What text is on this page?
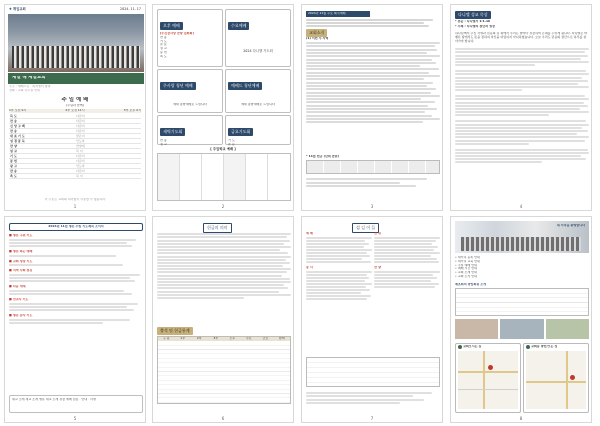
✚ 제일교회	2024. 11. 17
제일 해 제일교회
주소 : 예배드림 · 복지센터 방면
전화 : 교회 사무실 안내
주 일 예 배
(주님과 함께)
1부 오전 9시	2부 오전 11시	3부 오후 2시
묵 도	다같이
찬 송	다같이
신 앙 고 백	다같이
찬 송	다같이
대 표 기 도	맡은이
성 경 봉 독	인도자
찬 양	찬양대
설 교	목 사
기 도	다같이
봉 헌	다같이
광 고	인도자
찬 송	다같이
축 도	목 사
이 주보는 교회의 허락없이 사용할 수 없습니다
1
오후 예배
[주신장사랑 찬양 집회회]
찬 송
기 도
본 문
설 교
봉 헌
축 도
수요예배
2024 다니엘 기도회
주사랑 청년 예배
세대 통합예배로 드립니다
예배드 청년예배
세대 통합예배로 드립니다
새벽기도회
찬 송
설 교
금요기도회
기 도
본 문
[ 주일학교 예배 ]
2
2024년 11월 주요 제직예배
교회소식
(1) 이번 주 사역
* 11월 헌금 (단위 만원)
3
다니엘 성교 묵상
* 본문 : 다니엘서 1:1-16
* 주제 : 다니엘의 결단과 성장
하나님께서 주신 사명과 믿음의 길 위에서 우리는 날마다 성장하며 은혜를 누리게 됩니다. 다니엘은 바벨론 땅에서도 뜻을 정하여 자신을 더럽히지 아니하였습니다. 오늘 우리도 믿음의 결단으로 하루를 살아가야 합니다.
4
2024년 11월 영혼 주일 기도제목 소식지
■ 영혼 구원 기도
■ 영혼 하는 예배
■ 교회 성장 기도
■ 지역 사회 섬김
■ 다음 세대
■ 선교사 기도
■ 영혼 감사 기도
새교 소개 새교 소개 영혼 새교 소개 성장 예배 섬김 · 안내 · 사명
5
헌금의 의미
출석 및 헌금통계
구 분	1부	2부	3부	오후	수요	금요	합계
6
섬 김 이 들
예 배
봉 사
안 내
찬 양
7
새 가족을 환영합니다
• 새가족 등록 안내
• 새가족 교육 안내
• 주일 예배 안내
• 예배 시간 안내
• 교회 소개 안내
• 교회 소식 안내
제초회의 방입회원 소개
교회오시는 길	교회중 방안/오는 장
8
